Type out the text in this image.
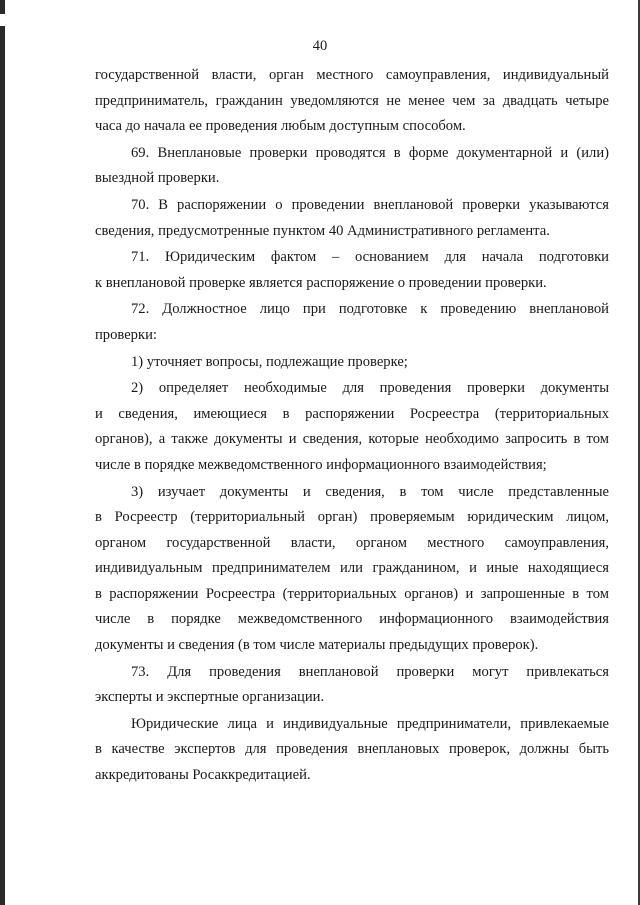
40
государственной власти, орган местного самоуправления, индивидуальный
предприниматель, гражданин уведомляются не менее чем за двадцать четыре
часа до начала ее проведения любым доступным способом.
69. Внеплановые проверки проводятся в форме документарной и (или)
выездной проверки.
70. В распоряжении о проведении внеплановой проверки указываются
сведения, предусмотренные пунктом 40 Административного регламента.
71. Юридическим фактом – основанием для начала подготовки
к внеплановой проверке является распоряжение о проведении проверки.
72. Должностное лицо при подготовке к проведению внеплановой
проверки:
1) уточняет вопросы, подлежащие проверке;
2) определяет необходимые для проведения проверки документы
и сведения, имеющиеся в распоряжении Росреестра (территориальных
органов), а также документы и сведения, которые необходимо запросить в том
числе в порядке межведомственного информационного взаимодействия;
3) изучает документы и сведения, в том числе представленные
в Росреестр (территориальный орган) проверяемым юридическим лицом,
органом государственной власти, органом местного самоуправления,
индивидуальным предпринимателем или гражданином, и иные находящиеся
в распоряжении Росреестра (территориальных органов) и запрошенные в том
числе в порядке межведомственного информационного взаимодействия
документы и сведения (в том числе материалы предыдущих проверок).
73. Для проведения внеплановой проверки могут привлекаться
эксперты и экспертные организации.
Юридические лица и индивидуальные предприниматели, привлекаемые
в качестве экспертов для проведения внеплановых проверок, должны быть
аккредитованы Росаккредитацией.
